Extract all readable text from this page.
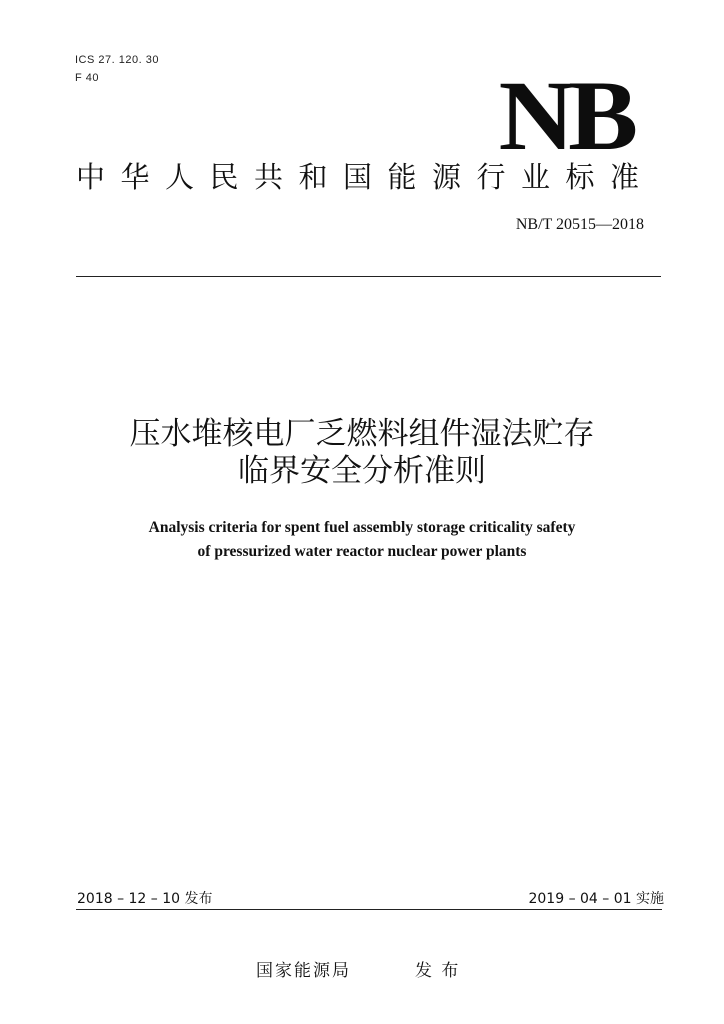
ICS 27. 120. 30
F 40	NB
中华人民共和国能源行业标准
NB/T 20515—2018
压水堆核电厂乏燃料组件湿法贮存
临界安全分析准则
Analysis criteria for spent fuel assembly storage criticality safety
of pressurized water reactor nuclear power plants
2018 – 12 – 10 发布	2019 – 04 – 01 实施
国家能源局	发 布
